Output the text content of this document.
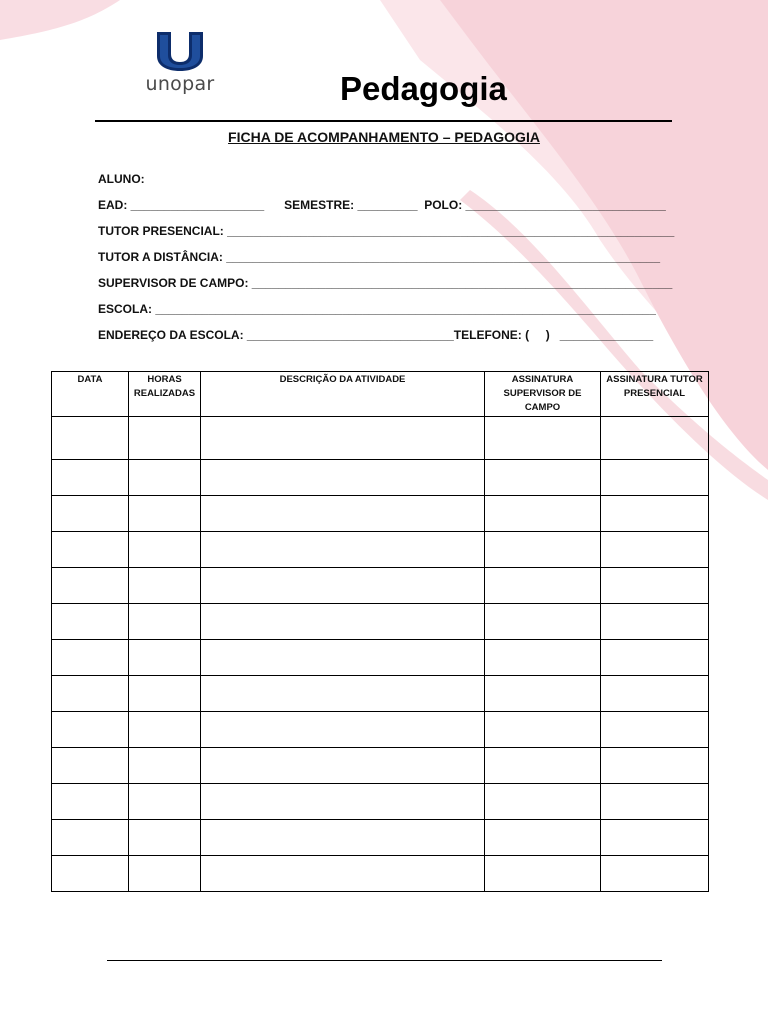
unopar	Pedagogia
FICHA DE ACOMPANHAMENTO – PEDAGOGIA
ALUNO:
EAD: ____________________      SEMESTRE: _________  POLO: ______________________________
TUTOR PRESENCIAL: ___________________________________________________________________
TUTOR A DISTÂNCIA: _________________________________________________________________
SUPERVISOR DE CAMPO: _______________________________________________________________
ESCOLA: ___________________________________________________________________________
ENDEREÇO DA ESCOLA: _______________________________TELEFONE: (     )   ______________
DATA	HORAS REALIZADAS	DESCRIÇÃO DA ATIVIDADE	ASSINATURA SUPERVISOR DE CAMPO	ASSINATURA TUTOR PRESENCIAL
